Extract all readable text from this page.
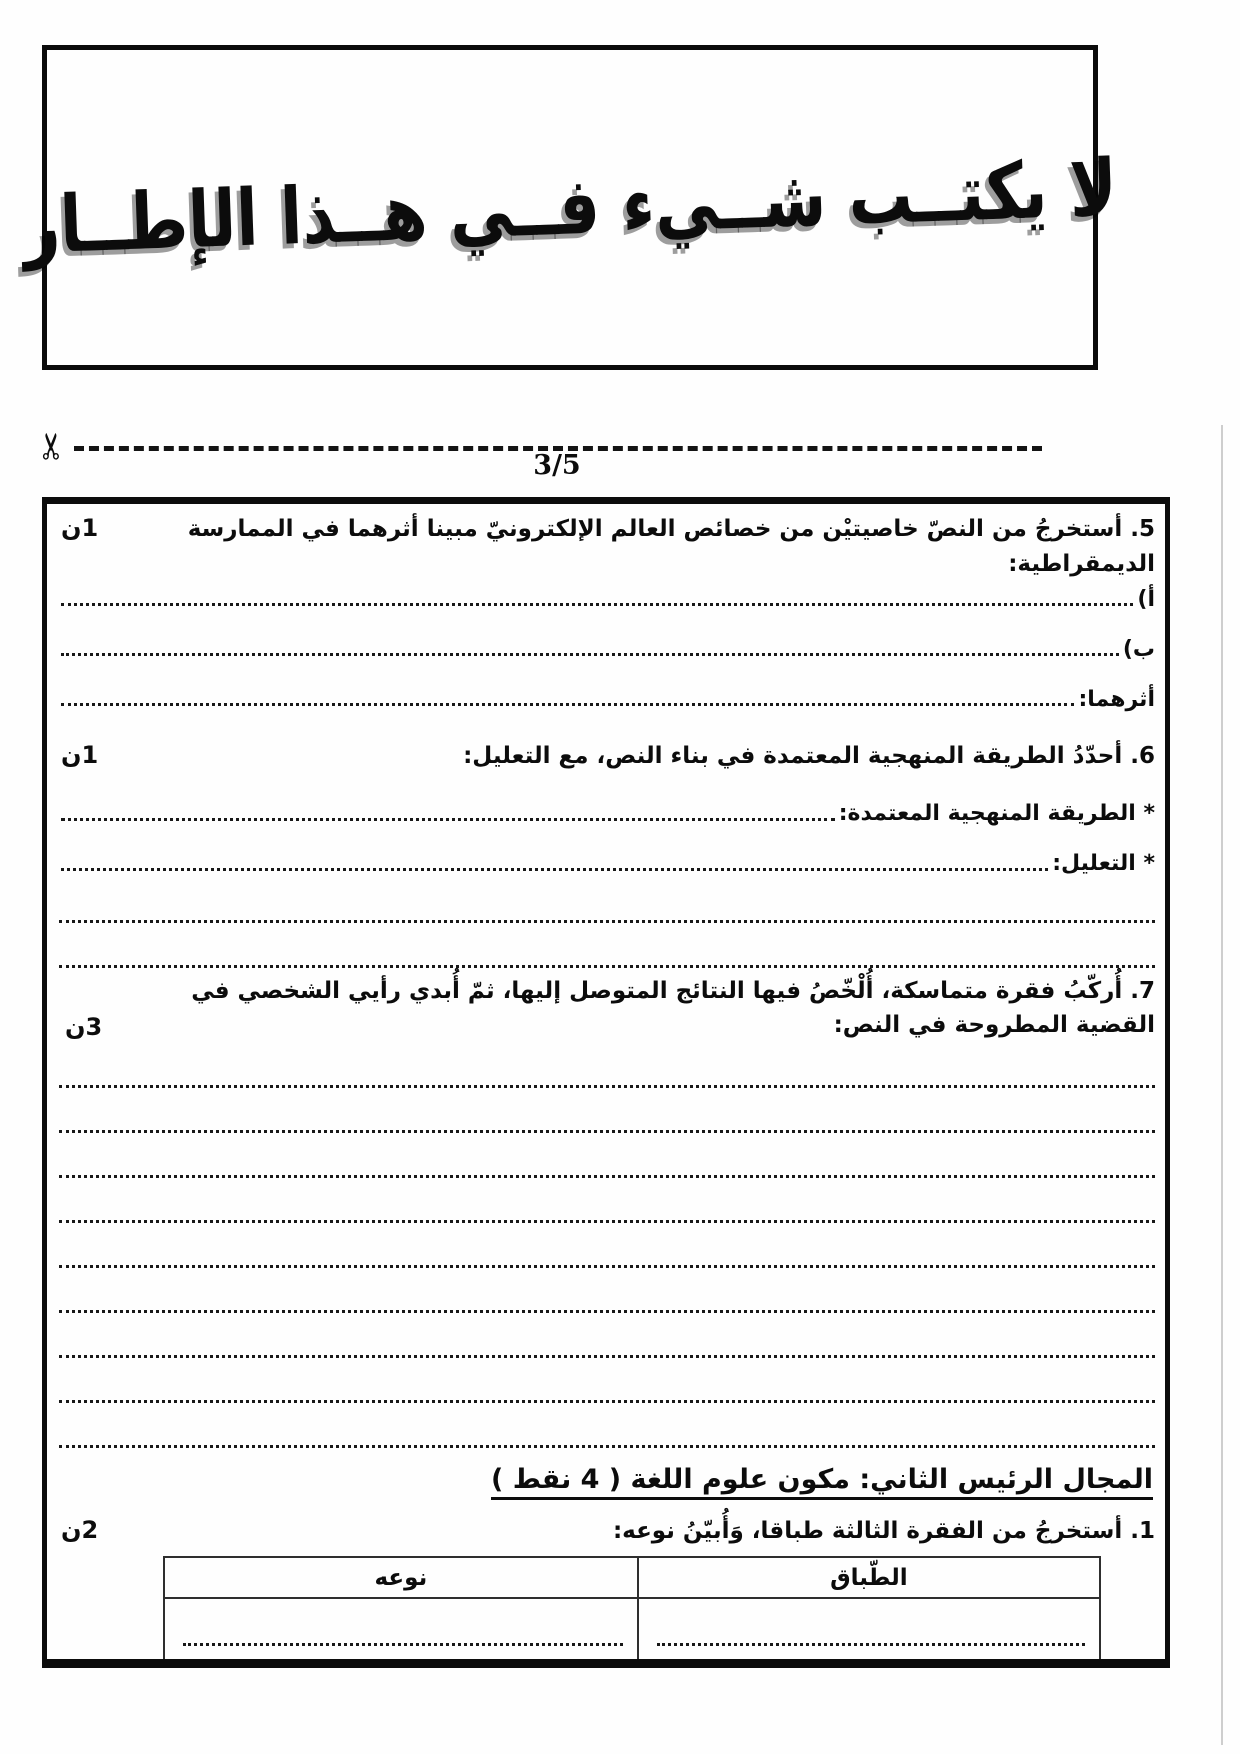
لا يكتــب شــيء فــي هــذا الإطــار
✂
3/5
5. أستخرجُ من النصّ خاصيتيْن من خصائص العالم الإلكترونيّ مبينا أثرهما في الممارسة الديمقراطية:
1ن
أ)
ب)
أثرهما:
6. أحدّدُ الطريقة المنهجية المعتمدة في بناء النص، مع التعليل:
1ن
* الطريقة المنهجية المعتمدة:
* التعليل:
7. أُركّبُ فقرة متماسكة، أُلْخّصُ فيها النتائج المتوصل إليها، ثمّ أُبدي رأيي الشخصي في القضية المطروحة في النص:
3ن
المجال الرئيس الثاني: مكون علوم اللغة ( 4 نقط )
1. أستخرجُ من الفقرة الثالثة طباقا، وَأُبيّنُ نوعه:
2ن
الطّباق
نوعه
